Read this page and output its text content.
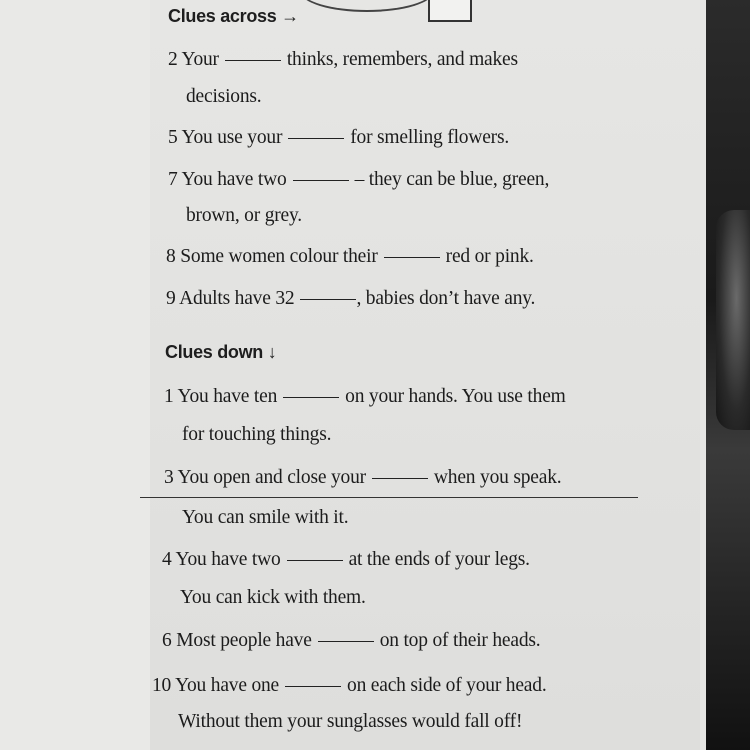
Clues across →
2 Your	thinks, remembers, and makes
decisions.
5 You use your	for smelling flowers.
7 You have two	– they can be blue, green,
brown, or grey.
8 Some women colour their	red or pink.
9 Adults have 32	, babies don’t have any.
Clues down ↓
1 You have ten	on your hands. You use them
for touching things.
3 You open and close your	when you speak.
You can smile with it.
4 You have two	at the ends of your legs.
You can kick with them.
6 Most people have	on top of their heads.
10 You have one	on each side of your head.
Without them your sunglasses would fall off!
